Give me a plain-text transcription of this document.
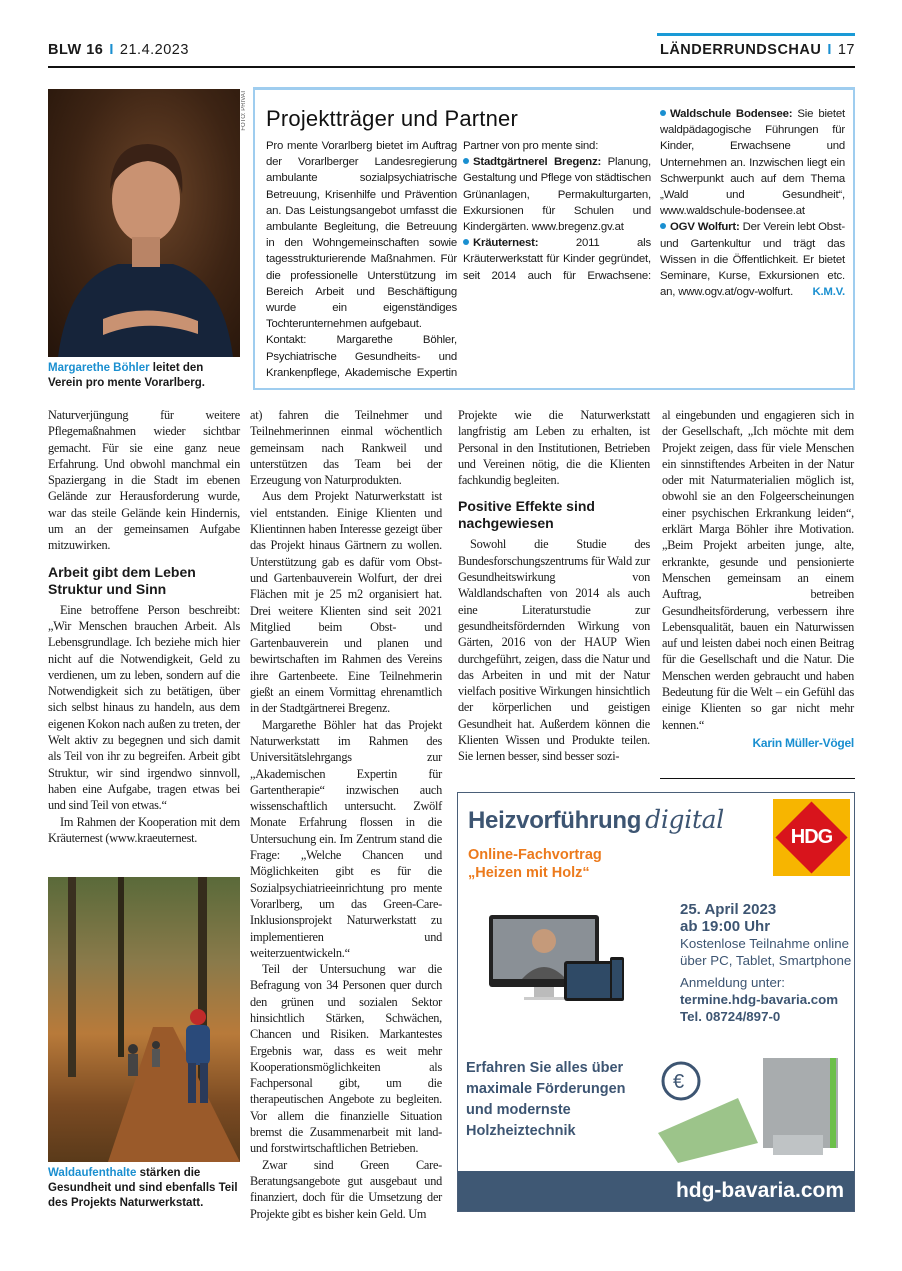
BLW 16 I 21.4.2023	LÄNDERRUNDSCHAU I 17
FOTO: PRIVAT
Margarethe Böhler leitet den Verein pro mente Vorarlberg.
Projektträger und Partner

Pro mente Vorarlberg bietet im Auftrag der Vorarlberger Landesregierung ambulante sozialpsychiatrische Betreuung, Krisenhilfe und Prävention an. Das Leistungsangebot umfasst die ambulante Begleitung, die Betreuung in den Wohngemeinschaften sowie tagesstrukturierende Maßnahmen. Für die professionelle Unterstützung im Bereich Arbeit und Beschäftigung wurde ein eigenständiges Tochterunternehmen aufgebaut.

Kontakt: Margarethe Böhler, Psychiatrische Gesundheits- und Krankenpflege, Akademische Expertin

Partner von pro mente sind:

Stadtgärtnerel Bregenz: Planung, Gestaltung und Pflege von städtischen Grünanlagen, Permakulturgarten, Exkursionen für Schulen und Kindergärten. www.bregenz.gv.at

Kräuternest:	2011 als Kräuterwerkstatt für Kinder gegründet, seit 2014 auch für Erwachsene:

Waldschule Bodensee: Sie bietet waldpädagogische Führungen für Kinder, Erwachsene und Unternehmen an. Inzwischen liegt ein Schwerpunkt auch auf dem Thema „Wald und Gesundheit“, www.waldschule-bodensee.at

OGV Wolfurt: Der Verein lebt Obst- und Gartenkultur und trägt das Wissen in die Öffentlichkeit. Er bietet Seminare, Kurse, Exkursionen etc. an, www.ogv.at/ogv-wolfurt. K.M.V.

Naturverjüngung für weitere Pflegemaßnahmen wieder sichtbar gemacht. Für sie eine ganz neue Erfahrung. Und obwohl manchmal ein Spaziergang in die Stadt im ebenen Gelände zur Herausforderung wurde, war das steile Gelände kein Hindernis, um an der gemeinsamen Aufgabe mitzuwirken.

Arbeit gibt dem Leben Struktur und Sinn

Eine betroffene Person beschreibt: „Wir Menschen brauchen Arbeit. Als Lebensgrundlage. Ich beziehe mich hier nicht auf die Notwendigkeit, Geld zu verdienen, um zu leben, sondern auf die Notwendigkeit sich zu betätigen, über sich selbst hinaus zu handeln, aus dem eigenen Kokon nach außen zu treten, der Welt aktiv zu begegnen und sich damit als Teil von ihr zu begreifen. Arbeit gibt Struktur, wir sind irgendwo sinnvoll, haben eine Aufgabe, tragen etwas bei und sind Teil von etwas.“

Im Rahmen der Kooperation mit dem Kräuternest (www.kraeuternest.

Waldaufenthalte stärken die Gesundheit und sind ebenfalls Teil des Projekts Naturwerkstatt.

at) fahren die Teilnehmer und Teilnehmerinnen einmal wöchentlich gemeinsam nach Rankweil und unterstützen das Team bei der Erzeugung von Naturprodukten.

Aus dem Projekt Naturwerkstatt ist viel entstanden. Einige Klienten und Klientinnen haben Interesse gezeigt über das Projekt hinaus Gärtnern zu wollen. Unterstützung gab es dafür vom Obst- und Gartenbauverein Wolfurt, der drei Flächen mit je 25 m2 organisiert hat. Drei weitere Klienten sind seit 2021 Mitglied beim Obst- und Gartenbauverein und planen und bewirtschaften im Rahmen des Vereins ihre Gartenbeete. Eine Teilnehmerin gießt an einem Vormittag ehrenamtlich in der Stadtgärtnerei Bregenz.

Margarethe Böhler hat das Projekt Naturwerkstatt im Rahmen des Universitätslehrgangs zur „Akademischen Expertin für Gartentherapie“ inzwischen auch wissenschaftlich untersucht. Zwölf Monate Erfahrung flossen in die Untersuchung ein. Im Zentrum stand die Frage: „Welche Chancen und Möglichkeiten gibt es für die Sozialpsychiatrieeinrichtung pro mente Vorarlberg, um das Green-Care-Inklusionsprojekt Naturwerkstatt zu implementieren und weiterzuentwickeln.“

Teil der Untersuchung war die Befragung von 34 Personen quer durch den grünen und sozialen Sektor hinsichtlich Stärken, Schwächen, Chancen und Risiken. Markantestes Ergebnis war, dass es weit mehr Kooperationsmöglichkeiten als Fachpersonal gibt, um die therapeutischen Angebote zu begleiten. Vor allem die finanzielle Situation bremst die Zusammenarbeit mit land- und forstwirtschaftlichen Betrieben.

Zwar sind Green Care-Beratungsangebote gut ausgebaut und finanziert, doch für die Umsetzung der Projekte gibt es bisher kein Geld. Um

Projekte wie die Naturwerkstatt langfristig am Leben zu erhalten, ist Personal in den Institutionen, Betrieben und Vereinen nötig, die die Klienten fachkundig begleiten.

Positive Effekte sind nachgewiesen

Sowohl die Studie des Bundesforschungszentrums für Wald zur Gesundheitswirkung von Waldlandschaften von 2014 als auch eine Literaturstudie zur gesundheitsfördernden Wirkung von Gärten, 2016 von der HAUP Wien durchgeführt, zeigen, dass die Natur und das Arbeiten in und mit der Natur vielfach positive Wirkungen hinsichtlich der körperlichen und geistigen Gesundheit hat. Außerdem können die Klienten Wissen und Produkte teilen. Sie lernen besser, sind besser sozi-

al eingebunden und engagieren sich in der Gesellschaft, „Ich möchte mit dem Projekt zeigen, dass für viele Menschen ein sinnstiftendes Arbeiten in der Natur oder mit Naturmaterialien möglich ist, obwohl sie an den Folgeerscheinungen einer psychischen Erkrankung leiden“, erklärt Marga Böhler ihre Motivation. „Beim Projekt arbeiten junge, alte, erkrankte, gesunde und pensionierte Menschen gemeinsam an einem Auftrag, betreiben Gesundheitsförderung, verbessern ihre Lebensqualität, bauen ein Naturwissen auf und leisten dabei noch einen Beitrag für die Gesellschaft und die Natur. Die Menschen werden gebraucht und haben Bedeutung für die Welt – ein Gefühl das einige Klienten so gar nicht mehr kennen.“

Karin Müller-Vögel
Heizvorführung digital
Online-Fachvortrag
„Heizen mit Holz“
HDG
25. April 2023
ab 19:00 Uhr
Kostenlose Teilnahme online
über PC, Tablet, Smartphone
Anmeldung unter:
termine.hdg-bavaria.com
Tel. 08724/897-0
Erfahren Sie alles über
maximale Förderungen
und modernste
Holzheiztechnik
€
hdg-bavaria.com
